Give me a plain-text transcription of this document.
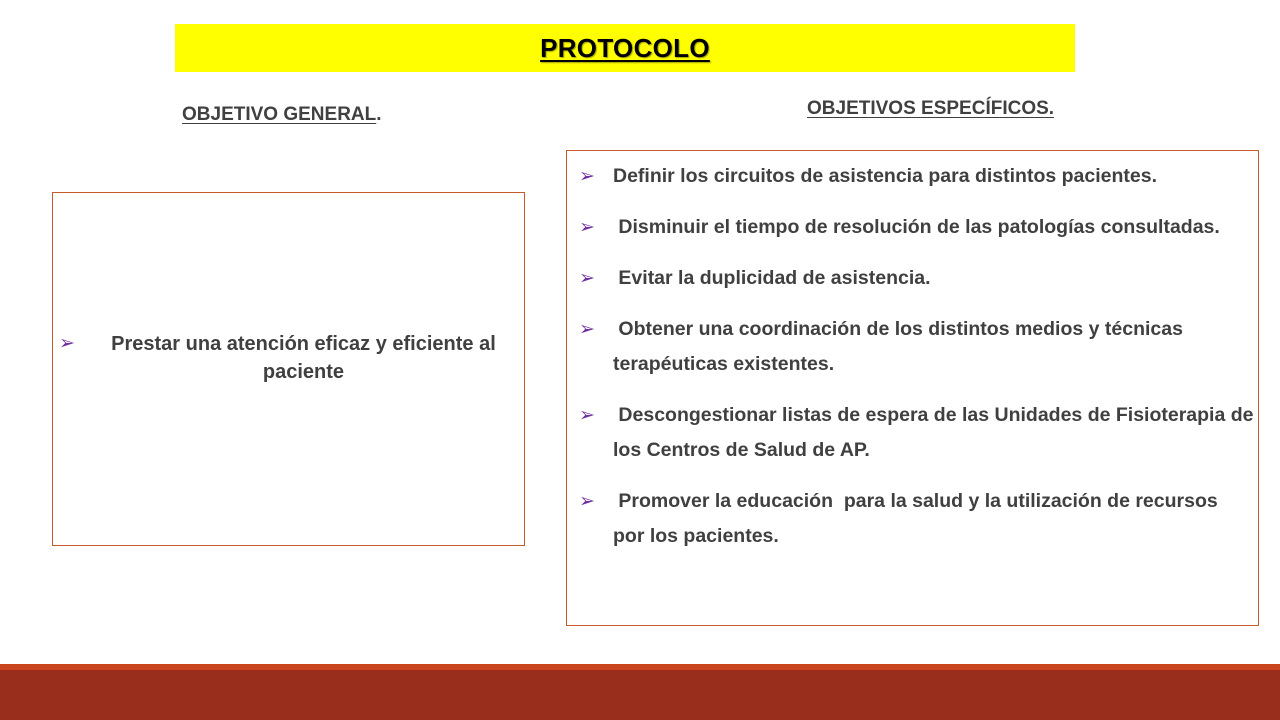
PROTOCOLO
OBJETIVO GENERAL.	OBJETIVOS ESPECÍFICOS.
➢	Prestar una atención eficaz y eficiente al paciente
➢ Definir los circuitos de asistencia para distintos pacientes.
➢ Disminuir el tiempo de resolución de las patologías consultadas.
➢ Evitar la duplicidad de asistencia.
➢ Obtener una coordinación de los distintos medios y técnicas terapéuticas existentes.
➢ Descongestionar listas de espera de las Unidades de Fisioterapia de los Centros de Salud de AP.
➢ Promover la educación  para la salud y la utilización de recursos por los pacientes.
